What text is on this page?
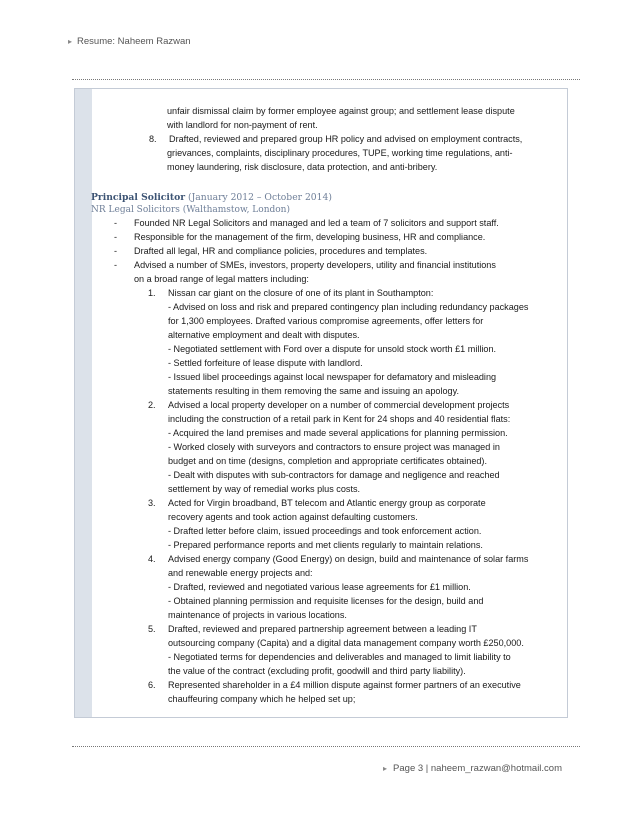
▸ Resume: Naheem Razwan

unfair dismissal claim by former employee against group; and settlement lease dispute

with landlord for non-payment of rent.

8.	Drafted, reviewed and prepared group HR policy and advised on employment contracts,

grievances, complaints, disciplinary procedures, TUPE, working time regulations, anti-

money laundering, risk disclosure, data protection, and anti-bribery.

Principal Solicitor (January 2012 – October 2014)
NR Legal Solicitors (Walthamstow, London)
-	Founded NR Legal Solicitors and managed and led a team of 7 solicitors and support staff.
-	Responsible for the management of the firm, developing business, HR and compliance.
-	Drafted all legal, HR and compliance policies, procedures and templates.
-	Advised a number of SMEs, investors, property developers, utility and financial institutions

on a broad range of legal matters including:

1.	Nissan car giant on the closure of one of its plant in Southampton:

- Advised on loss and risk and prepared contingency plan including redundancy packages

for 1,300 employees. Drafted various compromise agreements, offer letters for

alternative employment and dealt with disputes.

- Negotiated settlement with Ford over a dispute for unsold stock worth £1 million.

- Settled forfeiture of lease dispute with landlord.

- Issued libel proceedings against local newspaper for defamatory and misleading

statements resulting in them removing the same and issuing an apology.

2.	Advised a local property developer on a number of commercial development projects

including the construction of a retail park in Kent for 24 shops and 40 residential flats:

- Acquired the land premises and made several applications for planning permission.

- Worked closely with surveyors and contractors to ensure project was managed in

budget and on time (designs, completion and appropriate certificates obtained).

- Dealt with disputes with sub-contractors for damage and negligence and reached

settlement by way of remedial works plus costs.

3.	Acted for Virgin broadband, BT telecom and Atlantic energy group as corporate

recovery agents and took action against defaulting customers.

- Drafted letter before claim, issued proceedings and took enforcement action.

- Prepared performance reports and met clients regularly to maintain relations.

4.	Advised energy company (Good Energy) on design, build and maintenance of solar farms

and renewable energy projects and:

- Drafted, reviewed and negotiated various lease agreements for £1 million.

- Obtained planning permission and requisite licenses for the design, build and

maintenance of projects in various locations.

5.	Drafted, reviewed and prepared partnership agreement between a leading IT

outsourcing company (Capita) and a digital data management company worth £250,000.

- Negotiated terms for dependencies and deliverables and managed to limit liability to

the value of the contract (excluding profit, goodwill and third party liability).

6.	Represented shareholder in a £4 million dispute against former partners of an executive

chauffeuring company which he helped set up;

▸ Page 3 | naheem_razwan@hotmail.com
